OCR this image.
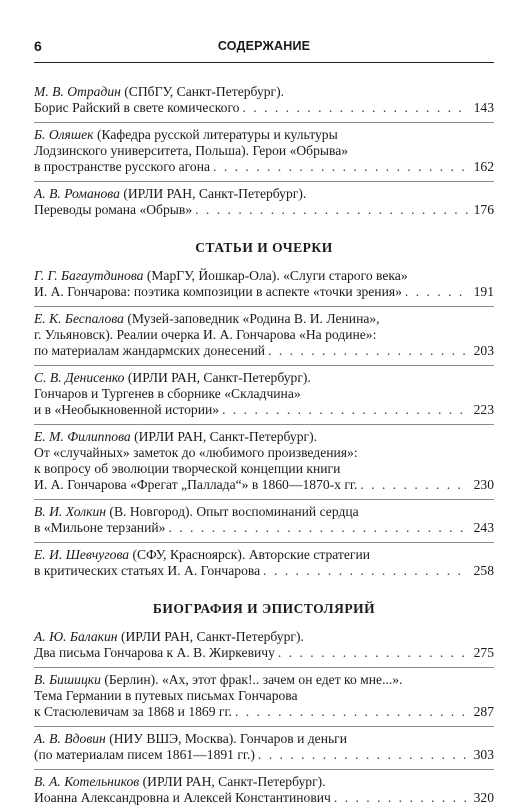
6	СОДЕРЖАНИЕ
М. В. Отрадин (СПбГУ, Санкт-Петербург).
Борис Райский в свете комического . . .	143
Б. Оляшек (Кафедра русской литературы и культуры
Лодзинского университета, Польша). Герои «Обрыва»
в пространстве русского агона . . .	162
А. В. Романова (ИРЛИ РАН, Санкт-Петербург).
Переводы романа «Обрыв» . . .	176
СТАТЬИ И ОЧЕРКИ
Г. Г. Багаутдинова (МарГУ, Йошкар-Ола). «Слуги старого века»
И. А. Гончарова: поэтика композиции в аспекте «точки зрения» . . .	191
Е. К. Беспалова (Музей-заповедник «Родина В. И. Ленина»,
г. Ульяновск). Реалии очерка И. А. Гончарова «На родине»:
по материалам жандармских донесений . . .	203
С. В. Денисенко (ИРЛИ РАН, Санкт-Петербург).
Гончаров и Тургенев в сборнике «Складчина»
и в «Необыкновенной истории» . . .	223
Е. М. Филиппова (ИРЛИ РАН, Санкт-Петербург).
От «случайных» заметок до «любимого произведения»:
к вопросу об эволюции творческой концепции книги
И. А. Гончарова «Фрегат „Паллада“» в 1860—1870-х гг. . . .	230
В. И. Холкин (В. Новгород). Опыт воспоминаний сердца
в «Мильоне терзаний» . . .	243
Е. И. Шевчугова (СФУ, Красноярск). Авторские стратегии
в критических статьях И. А. Гончарова . . .	258
БИОГРАФИЯ И ЭПИСТОЛЯРИЙ
А. Ю. Балакин (ИРЛИ РАН, Санкт-Петербург).
Два письма Гончарова к А. В. Жиркевичу . . .	275
В. Бишицки (Берлин). «Ах, этот фрак!.. зачем он едет ко мне...».
Тема Германии в путевых письмах Гончарова
к Стасюлевичам за 1868 и 1869 гг. . . .	287
А. В. Вдовин (НИУ ВШЭ, Москва). Гончаров и деньги
(по материалам писем 1861—1891 гг.) . . .	303
В. А. Котельников (ИРЛИ РАН, Санкт-Петербург).
Иоанна Александровна и Алексей Константинович . . .	320
